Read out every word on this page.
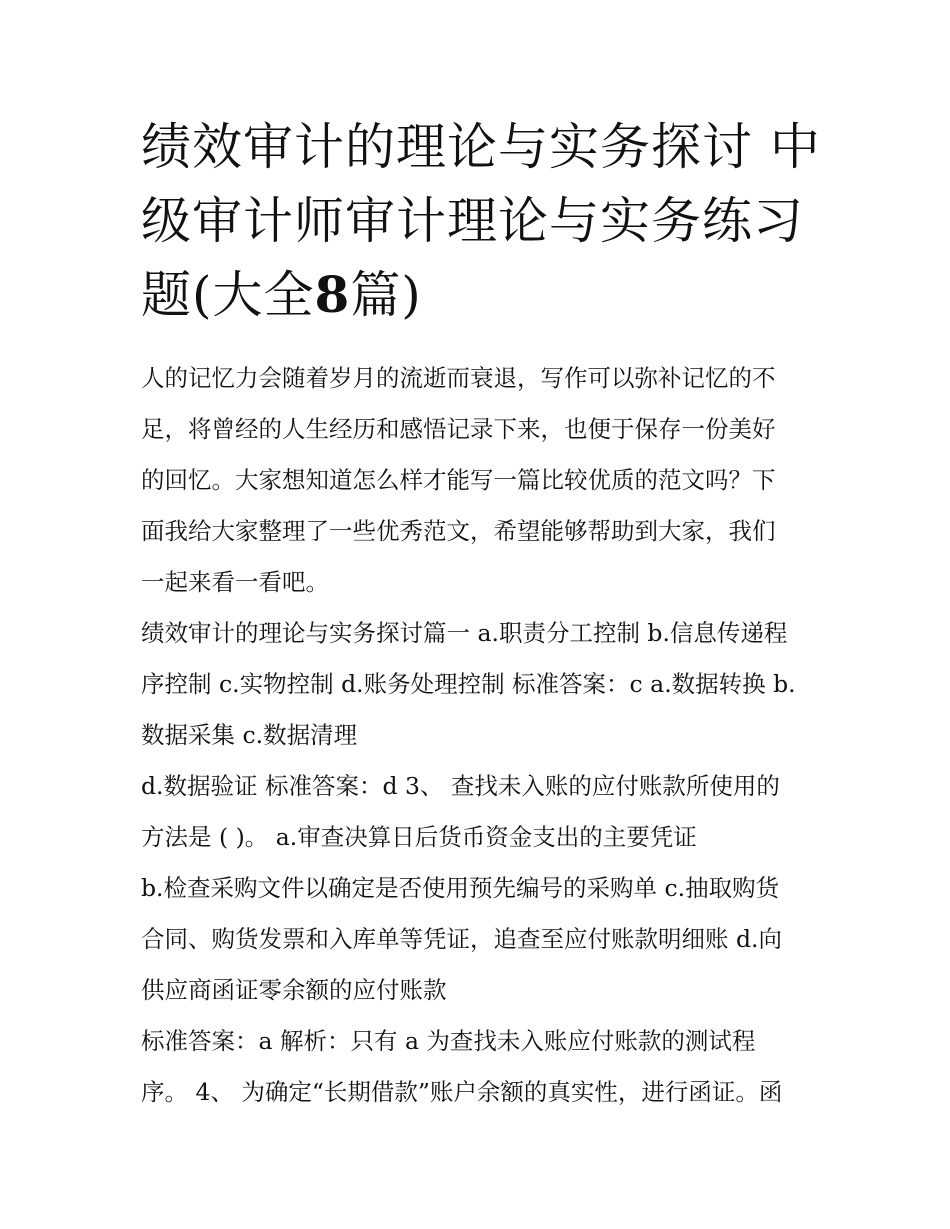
绩效审计的理论与实务探讨 中
级审计师审计理论与实务练习
题(大全8篇)
人的记忆力会随着岁月的流逝而衰退，写作可以弥补记忆的不
足，将曾经的人生经历和感悟记录下来，也便于保存一份美好
的回忆。大家想知道怎么样才能写一篇比较优质的范文吗？下
面我给大家整理了一些优秀范文，希望能够帮助到大家，我们
一起来看一看吧。
绩效审计的理论与实务探讨篇一 a.职责分工控制 b.信息传递程
序控制 c.实物控制 d.账务处理控制 标准答案：c a.数据转换 b.
数据采集 c.数据清理
d.数据验证 标准答案：d 3、 查找未入账的应付账款所使用的
方法是 ( )。 a.审查决算日后货币资金支出的主要凭证
b.检查采购文件以确定是否使用预先编号的采购单 c.抽取购货
合同、购货发票和入库单等凭证，追查至应付账款明细账 d.向
供应商函证零余额的应付账款
标准答案：a 解析：只有 a 为查找未入账应付账款的测试程
序。 4、 为确定“长期借款”账户余额的真实性，进行函证。函
